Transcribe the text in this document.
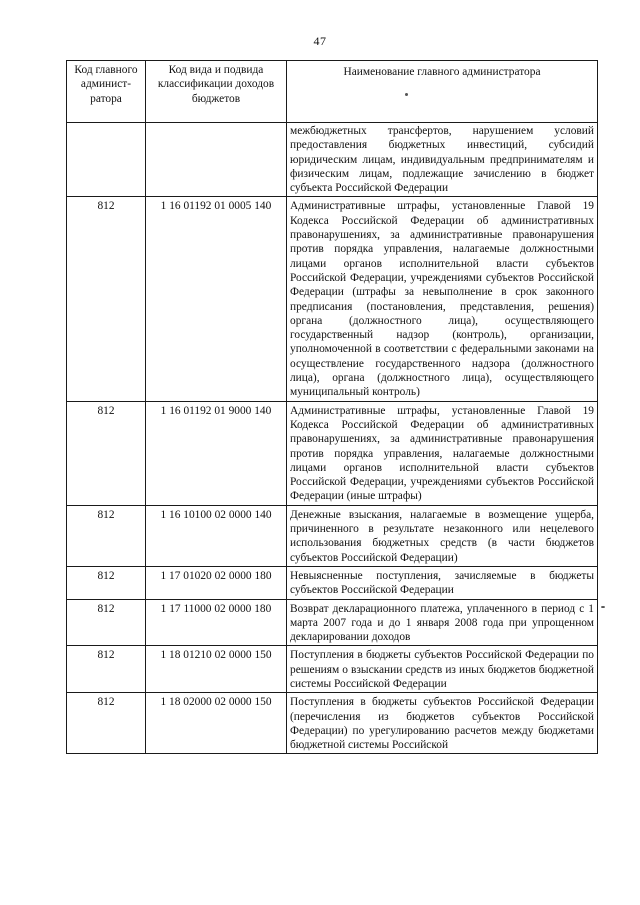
47
Код главного админист-ратора	Код вида и подвида классификации доходов бюджетов	Наименование главного администратора
		межбюджетных трансфертов, нарушением условий предоставления бюджетных инвестиций, субсидий юридическим лицам, индивидуальным предпринимателям и физическим лицам, подлежащие зачислению в бюджет субъекта Российской Федерации
812	1 16 01192 01 0005 140	Административные штрафы, установленные Главой 19 Кодекса Российской Федерации об административных правонарушениях, за административные правонарушения против порядка управления, налагаемые должностными лицами органов исполнительной власти субъектов Российской Федерации, учреждениями субъектов Российской Федерации (штрафы за невыполнение в срок законного предписания (постановления, представления, решения) органа (должностного лица), осуществляющего государственный надзор (контроль), организации, уполномоченной в соответствии с федеральными законами на осуществление государственного надзора (должностного лица), органа (должностного лица), осуществляющего муниципальный контроль)
812	1 16 01192 01 9000 140	Административные штрафы, установленные Главой 19 Кодекса Российской Федерации об административных правонарушениях, за административные правонарушения против порядка управления, налагаемые должностными лицами органов исполнительной власти субъектов Российской Федерации, учреждениями субъектов Российской Федерации (иные штрафы)
812	1 16 10100 02 0000 140	Денежные взыскания, налагаемые в возмещение ущерба, причиненного в результате незаконного или нецелевого использования бюджетных средств (в части бюджетов субъектов Российской Федерации)
812	1 17 01020 02 0000 180	Невыясненные поступления, зачисляемые в бюджеты субъектов Российской Федерации
812	1 17 11000 02 0000 180	Возврат декларационного платежа, уплаченного в период с 1 марта 2007 года и до 1 января 2008 года при упрощенном декларировании доходов
812	1 18 01210 02 0000 150	Поступления в бюджеты субъектов Российской Федерации по решениям о взыскании средств из иных бюджетов бюджетной системы Российской Федерации
812	1 18 02000 02 0000 150	Поступления в бюджеты субъектов Российской Федерации (перечисления из бюджетов субъектов Российской Федерации) по урегулированию расчетов между бюджетами бюджетной системы Российской
